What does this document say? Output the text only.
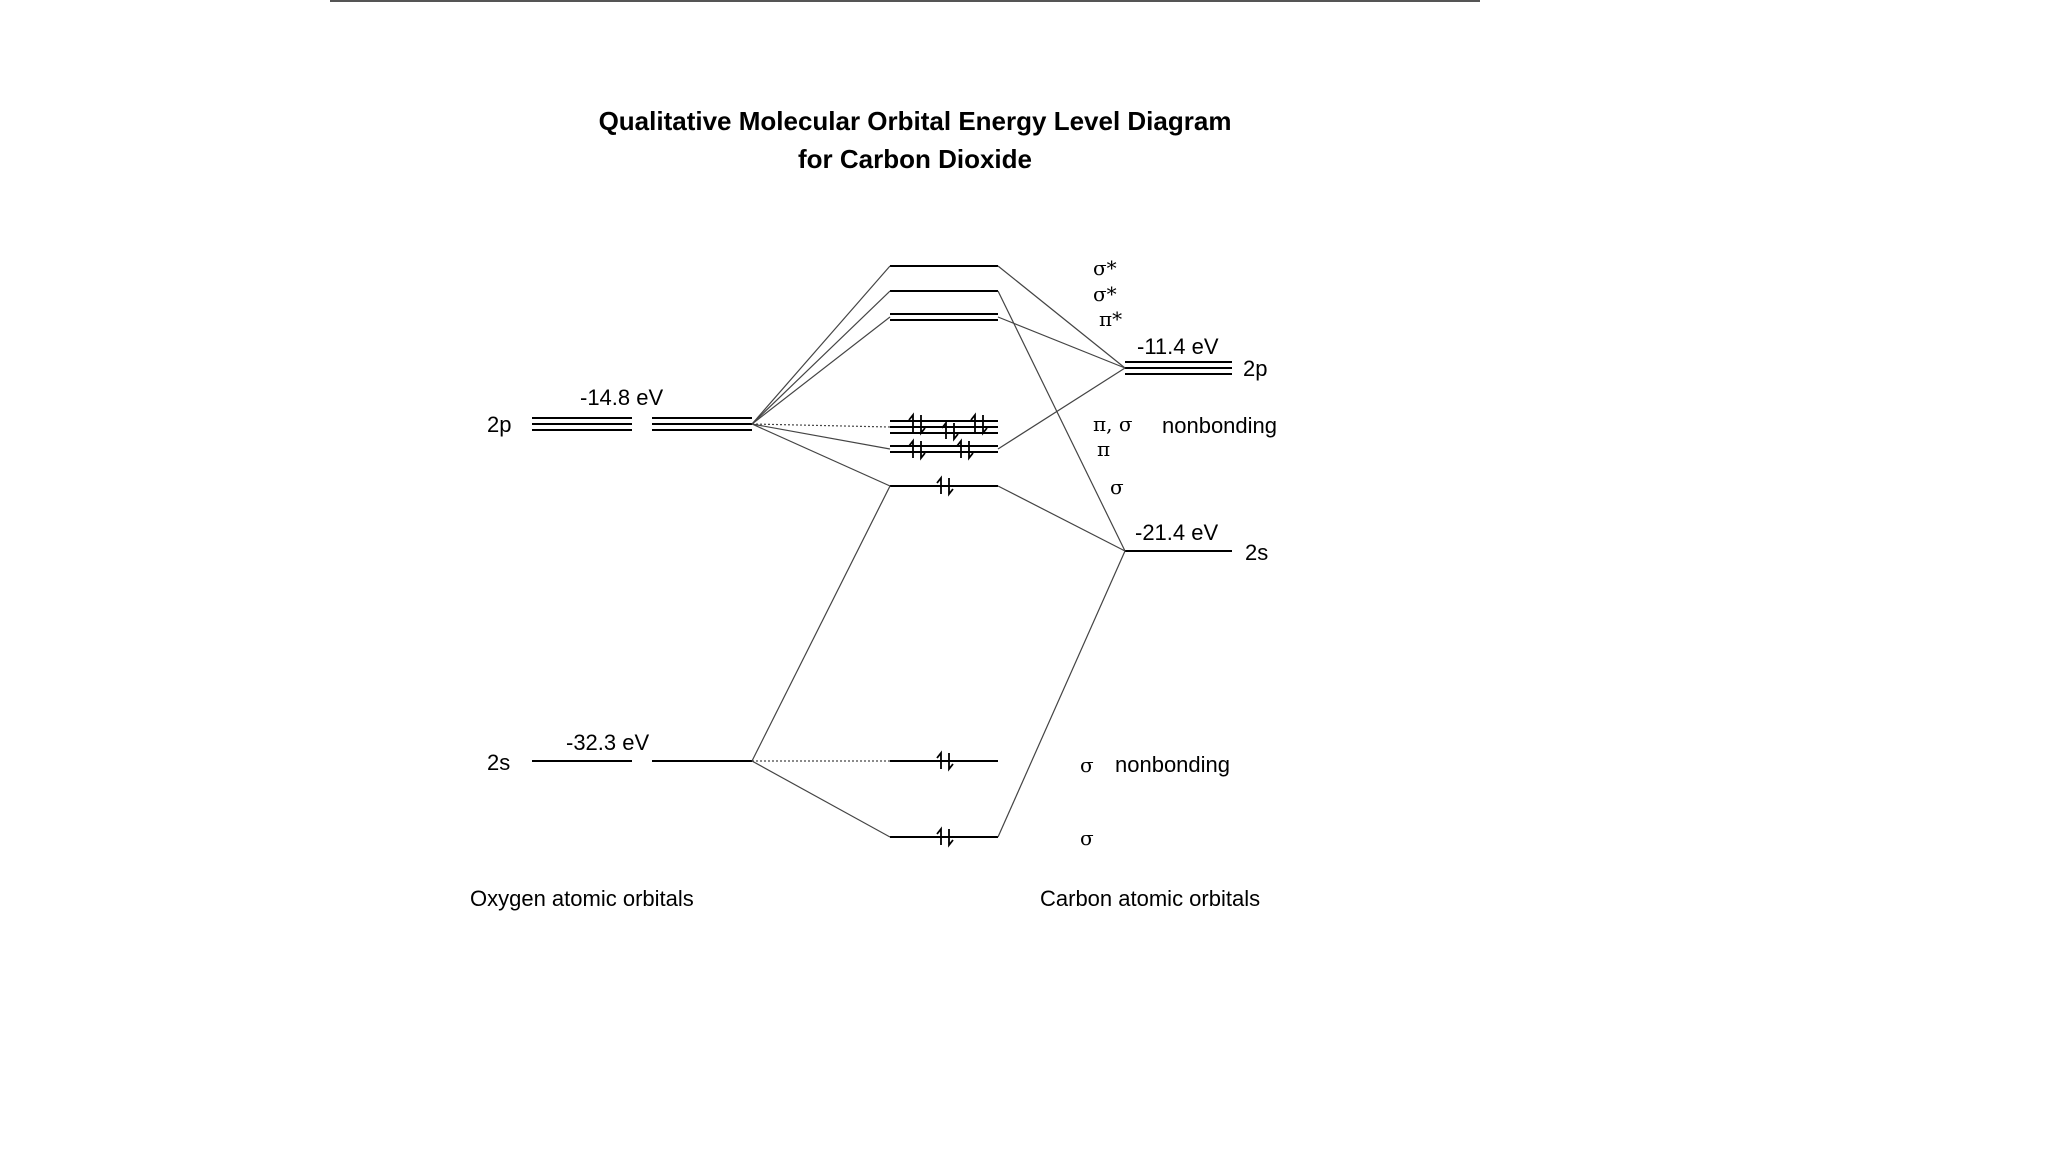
Qualitative Molecular Orbital Energy Level Diagram
for Carbon Dioxide
2p
-14.8 eV
2s
-32.3 eV
Oxygen atomic orbitals
-11.4 eV
2p
-21.4 eV
2s
Carbon atomic orbitals
σ*
σ*
π*
π, σ nonbonding
π
σ
σ nonbonding
σ
